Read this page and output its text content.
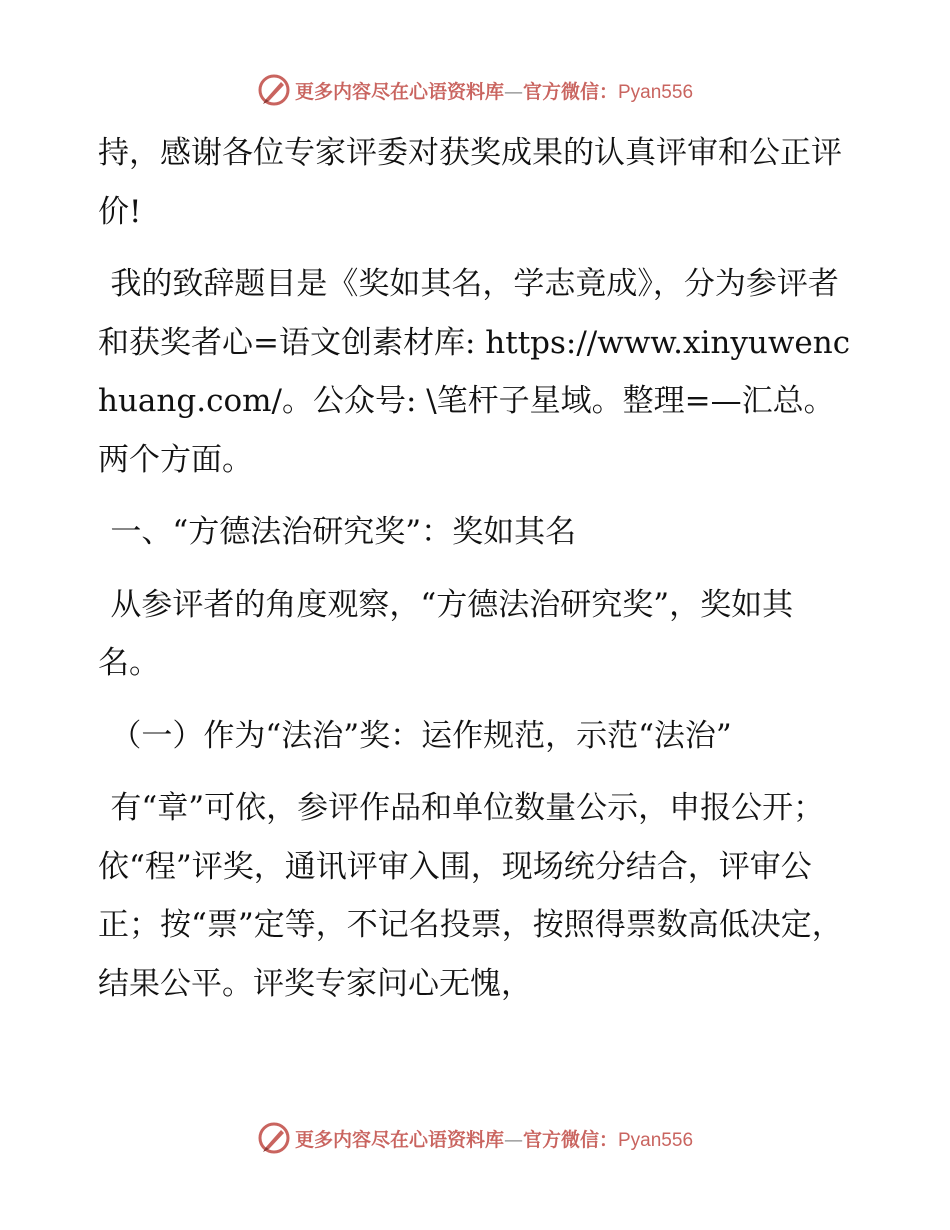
更多内容尽在心语资料库—官方微信：Pyan556

持，感谢各位专家评委对获奖成果的认真评审和公正评价!

我的致辞题目是《奖如其名，学志竟成》，分为参评者和获奖者心=语文创素材库: https://www.xinyuwenchuang.com/。公众号: \笔杆子星域。整理=—汇总。两个方面。

一、“方德法治研究奖”：奖如其名

从参评者的角度观察，“方德法治研究奖”，奖如其名。

（一）作为“法治”奖：运作规范，示范“法治”

有“章”可依，参评作品和单位数量公示，申报公开；依“程”评奖，通讯评审入围，现场统分结合，评审公正；按“票”定等，不记名投票，按照得票数高低决定，结果公平。评奖专家问心无愧，

更多内容尽在心语资料库—官方微信：Pyan556
